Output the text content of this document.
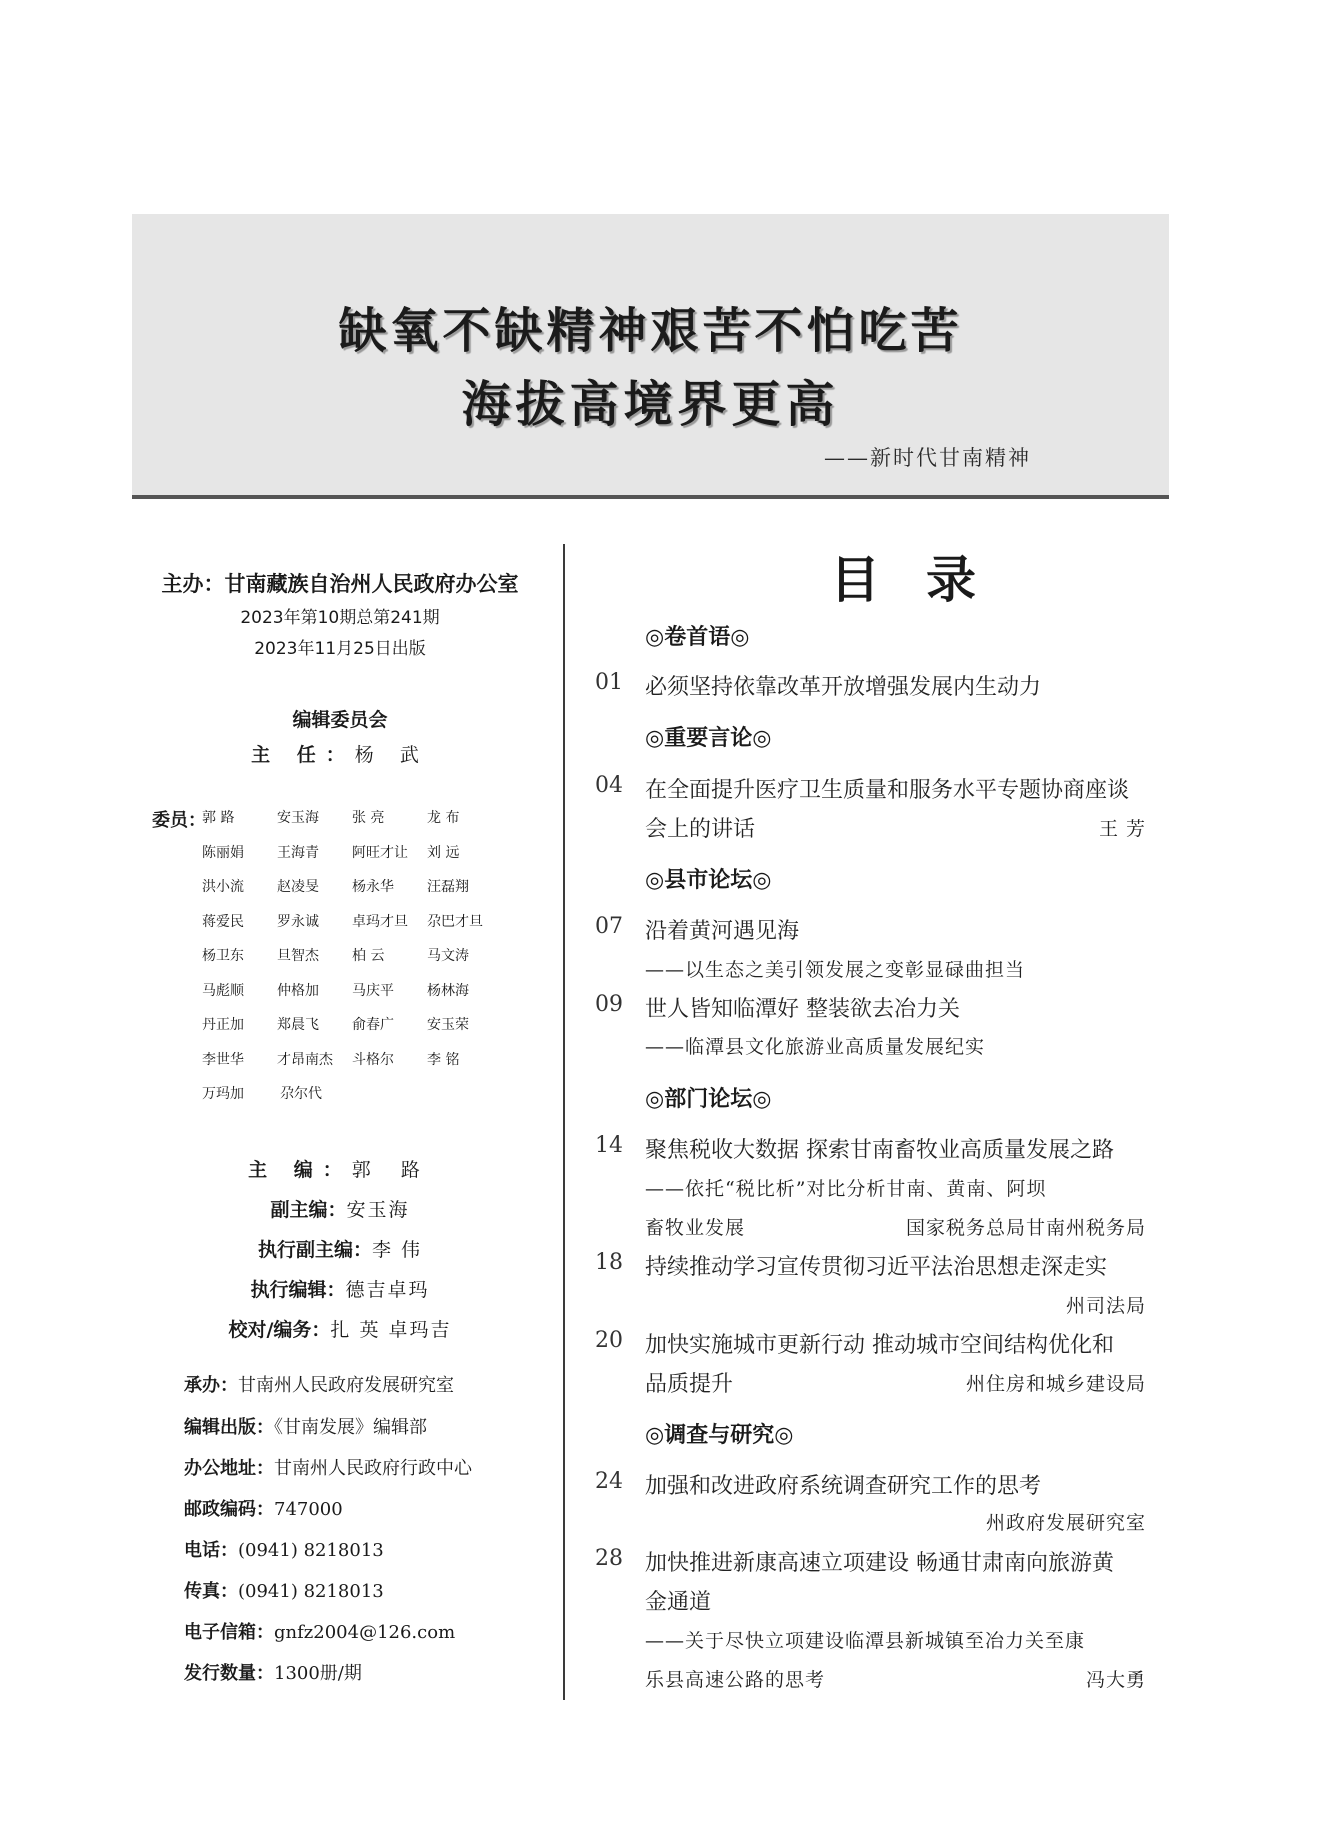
缺氧不缺精神艰苦不怕吃苦
海拔高境界更高
——新时代甘南精神
主办：甘南藏族自治州人民政府办公室
2023年第10期总第241期
2023年11月25日出版
编辑委员会
主 任：杨 武
委员：
郭 路	安玉海	张 亮	龙 布
陈丽娟	王海青	阿旺才让	刘 远
洪小流	赵凌旻	杨永华	汪磊翔
蒋爱民	罗永诚	卓玛才旦	尕巴才旦
杨卫东	旦智杰	柏 云	马文涛
马彪顺	仲格加	马庆平	杨林海
丹正加	郑晨飞	俞春广	安玉荣
李世华	才昂南杰	斗格尔	李 铭
万玛加	尕尔代
主 编：郭 路
副主编：安玉海
执行副主编：李 伟
执行编辑：德吉卓玛
校对/编务：扎 英 卓玛吉
承办：甘南州人民政府发展研究室
编辑出版：《甘南发展》编辑部
办公地址：甘南州人民政府行政中心
邮政编码：747000
电话：(0941) 8218013
传真：(0941) 8218013
电子信箱：gnfz2004@126.com
发行数量：1300册/期
目录
◎卷首语◎
01 必须坚持依靠改革开放增强发展内生动力
◎重要言论◎
04 在全面提升医疗卫生质量和服务水平专题协商座谈
会上的讲话	王 芳
◎县市论坛◎
07 沿着黄河遇见海
——以生态之美引领发展之变彰显碌曲担当
09 世人皆知临潭好 整装欲去冶力关
——临潭县文化旅游业高质量发展纪实
◎部门论坛◎
14 聚焦税收大数据 探索甘南畜牧业高质量发展之路
——依托“税比析”对比分析甘南、黄南、阿坝
畜牧业发展	国家税务总局甘南州税务局
18 持续推动学习宣传贯彻习近平法治思想走深走实
州司法局
20 加快实施城市更新行动 推动城市空间结构优化和
品质提升	州住房和城乡建设局
◎调查与研究◎
24 加强和改进政府系统调查研究工作的思考
州政府发展研究室
28 加快推进新康高速立项建设 畅通甘肃南向旅游黄
金通道
——关于尽快立项建设临潭县新城镇至冶力关至康
乐县高速公路的思考	冯大勇
